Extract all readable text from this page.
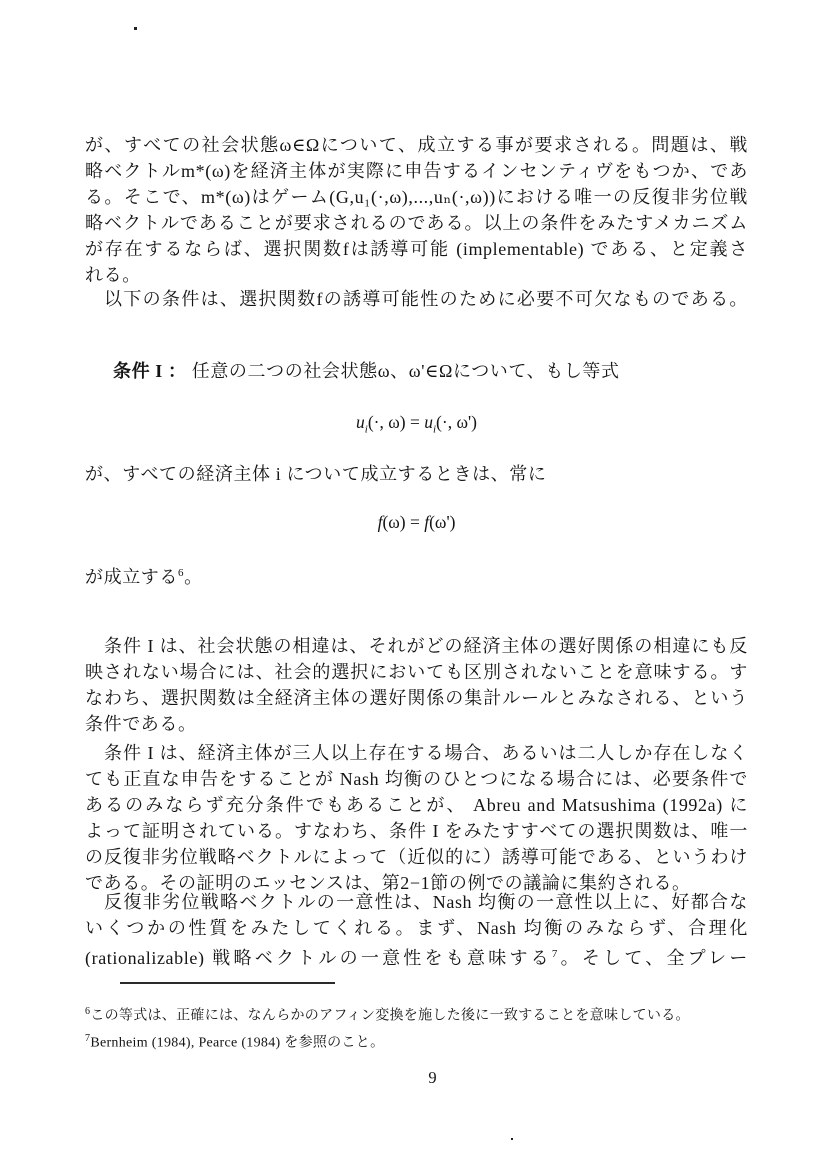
が、すべての社会状態ω∈Ωについて、成立する事が要求される。問題は、戦
略ベクトルm*(ω)を経済主体が実際に申告するインセンティヴをもつか、であ
る。そこで、m*(ω)はゲーム(G,u₁(·,ω),...,uₙ(·,ω))における唯一の反復非劣位戦
略ベクトルであることが要求されるのである。以上の条件をみたすメカニズム
が存在するならば、選択関数fは誘導可能 (implementable) である、と定義さ
れる。
以下の条件は、選択関数fの誘導可能性のために必要不可欠なものである。
条件 I ： 任意の二つの社会状態ω、ω'∈Ωについて、もし等式
$u_i(\cdot$, $\omega) = u_i(\cdot$, ω')
が、すべての経済主体 i について成立するときは、常に
f(ω) = f(ω')
が成立する$^6$。
条件 I は、社会状態の相違は、それがどの経済主体の選好関係の相違にも反
映されない場合には、社会的選択においても区別されないことを意味する。す
なわち、選択関数は全経済主体の選好関係の集計ルールとみなされる、という
条件である。
条件 I は、経済主体が三人以上存在する場合、あるいは二人しか存在しなく
ても正直な申告をすることが Nash 均衡のひとつになる場合には、必要条件で
あるのみならず充分条件でもあることが、 Abreu and Matsushima (1992a) に
よって証明されている。すなわち、条件 I をみたすすべての選択関数は、唯一
の反復非劣位戦略ベクトルによって（近似的に）誘導可能である、というわけ
である。その証明のエッセンスは、第2−1節の例での議論に集約される。
反復非劣位戦略ベクトルの一意性は、Nash 均衡の一意性以上に、好都合な
いくつかの性質をみたしてくれる。まず、Nash 均衡のみならず、合理化
(rationalizable) 戦略ベクトルの一意性をも意味する$^7$。そして、全プレー
$^6$この等式は、正確には、なんらかのアフィン変換を施した後に一致することを意味している。
$^7$Bernheim (1984), Pearce (1984) を参照のこと。
9
